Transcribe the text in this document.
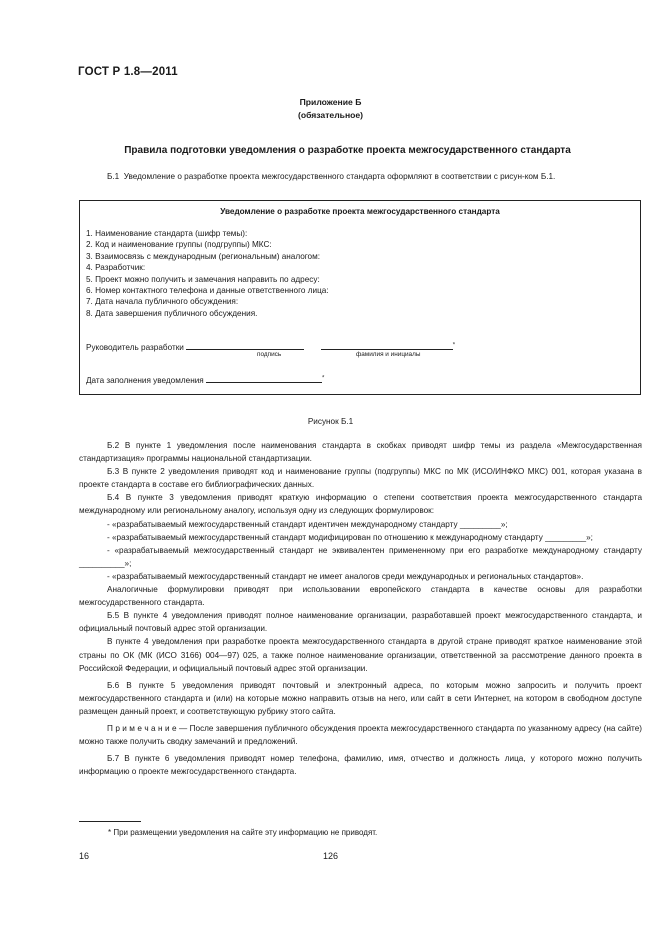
ГОСТ Р 1.8—2011
Приложение Б
(обязательное)
Правила подготовки уведомления о разработке проекта межгосударственного стандарта
Б.1 Уведомление о разработке проекта межгосударственного стандарта оформляют в соответствии с рисун-ком Б.1.
Уведомление о разработке проекта межгосударственного стандарта
1. Наименование стандарта (шифр темы):
2. Код и наименование группы (подгруппы) МКС:
3. Взаимосвязь с международным (региональным) аналогом:
4. Разработчик:
5. Проект можно получить и замечания направить по адресу:
6. Номер контактного телефона и данные ответственного лица:
7. Дата начала публичного обсуждения:
8. Дата завершения публичного обсуждения.
Руководитель разработки	*
подпись	фамилия и инициалы
Дата заполнения уведомления	*
Рисунок Б.1

Б.2 В пункте 1 уведомления после наименования стандарта в скобках приводят шифр темы из раздела «Межгосударственная стандартизация» программы национальной стандартизации.

Б.3 В пункте 2 уведомления приводят код и наименование группы (подгруппы) МКС по МК (ИСО/ИНФКО МКС) 001, которая указана в проекте стандарта в составе его библиографических данных.

Б.4 В пункте 3 уведомления приводят краткую информацию о степени соответствия проекта межгосударственного стандарта международному или региональному аналогу, используя одну из следующих формулировок:

- «разрабатываемый межгосударственный стандарт идентичен международному стандарту _________»;

- «разрабатываемый межгосударственный стандарт модифицирован по отношению к международному стандарту _________»;

- «разрабатываемый межгосударственный стандарт не эквивалентен примененному при его разработке международному стандарту __________»;

- «разрабатываемый межгосударственный стандарт не имеет аналогов среди международных и региональных стандартов».

Аналогичные формулировки приводят при использовании европейского стандарта в качестве основы для разработки межгосударственного стандарта.

Б.5 В пункте 4 уведомления приводят полное наименование организации, разработавшей проект межгосударственного стандарта, и официальный почтовый адрес этой организации.

В пункте 4 уведомления при разработке проекта межгосударственного стандарта в другой стране приводят краткое наименование этой страны по ОК (МК (ИСО 3166) 004—97) 025, а также полное наименование организации, ответственной за рассмотрение данного проекта в Российской Федерации, и официальный почтовый адрес этой организации.

Б.6 В пункте 5 уведомления приводят почтовый и электронный адреса, по которым можно запросить и получить проект межгосударственного стандарта и (или) на которые можно направить отзыв на него, или сайт в сети Интернет, на котором в свободном доступе размещен данный проект, и соответствующую рубрику этого сайта.

П р и м е ч а н и е — После завершения публичного обсуждения проекта межгосударственного стандарта по указанному адресу (на сайте) можно также получить сводку замечаний и предложений.

Б.7 В пункте 6 уведомления приводят номер телефона, фамилию, имя, отчество и должность лица, у которого можно получить информацию о проекте межгосударственного стандарта.

* При размещении уведомления на сайте эту информацию не приводят.
16	126
